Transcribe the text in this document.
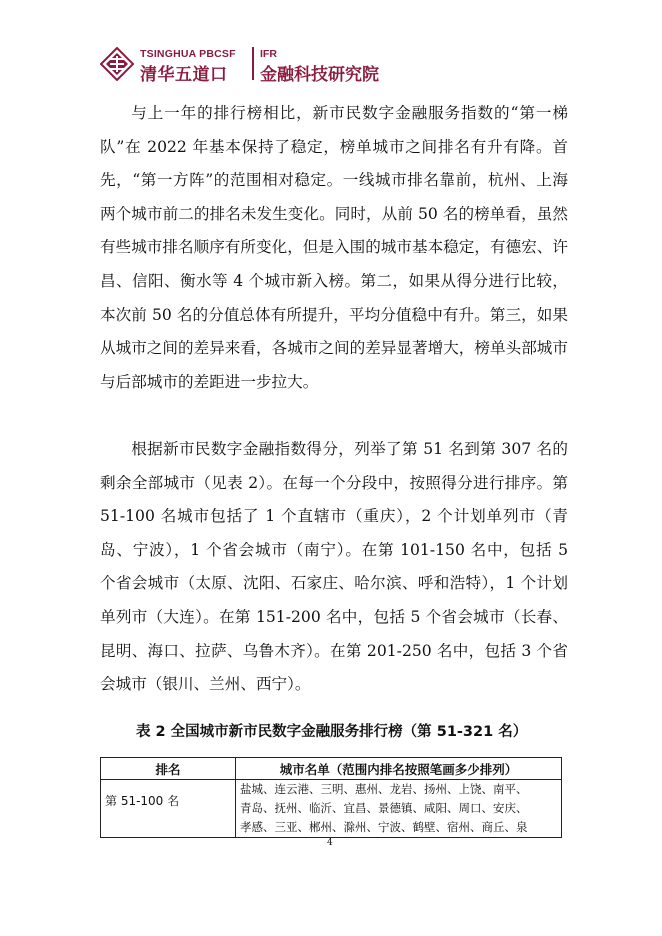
TSINGHUA PBCSF
清华五道口
IFR
金融科技研究院

与上一年的排行榜相比，新市民数字金融服务指数的“第一梯队”在 2022 年基本保持了稳定，榜单城市之间排名有升有降。首先，“第一方阵”的范围相对稳定。一线城市排名靠前，杭州、上海两个城市前二的排名未发生变化。同时，从前 50 名的榜单看，虽然有些城市排名顺序有所变化，但是入围的城市基本稳定，有德宏、许昌、信阳、衡水等 4 个城市新入榜。第二，如果从得分进行比较，本次前 50 名的分值总体有所提升，平均分值稳中有升。第三，如果从城市之间的差异来看，各城市之间的差异显著增大，榜单头部城市与后部城市的差距进一步拉大。

根据新市民数字金融指数得分，列举了第 51 名到第 307 名的剩余全部城市（见表 2）。在每一个分段中，按照得分进行排序。第 51-100 名城市包括了 1 个直辖市（重庆），2 个计划单列市（青岛、宁波），1 个省会城市（南宁）。在第 101-150 名中，包括 5 个省会城市（太原、沈阳、石家庄、哈尔滨、呼和浩特），1 个计划单列市（大连）。在第 151-200 名中，包括 5 个省会城市（长春、昆明、海口、拉萨、乌鲁木齐）。在第 201-250 名中，包括 3 个省会城市（银川、兰州、西宁）。

表 2 全国城市新市民数字金融服务排行榜（第 51-321 名）
排名	城市名单（范围内排名按照笔画多少排列）
第 51-100 名	盐城、连云港、三明、惠州、龙岩、扬州、上饶、南平、
青岛、抚州、临沂、宜昌、景德镇、咸阳、周口、安庆、
孝感、三亚、郴州、滁州、宁波、鹤壁、宿州、商丘、泉
4
